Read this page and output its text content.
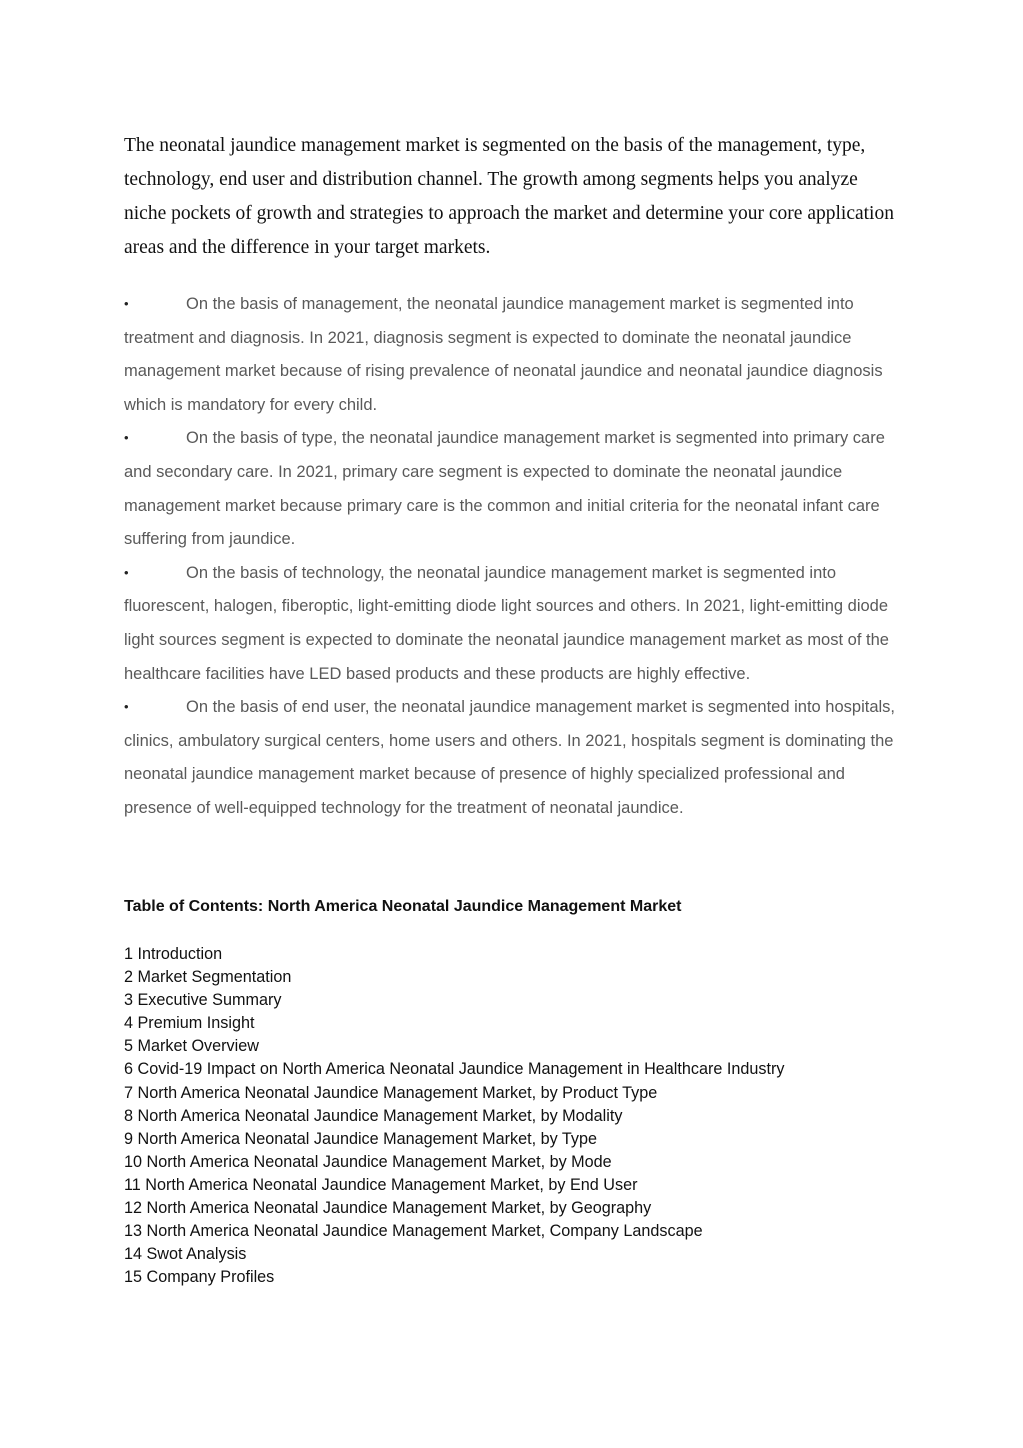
The neonatal jaundice management market is segmented on the basis of the management, type, technology, end user and distribution channel. The growth among segments helps you analyze niche pockets of growth and strategies to approach the market and determine your core application areas and the difference in your target markets.

•	On the basis of management, the neonatal jaundice management market is segmented into treatment and diagnosis. In 2021, diagnosis segment is expected to dominate the neonatal jaundice management market because of rising prevalence of neonatal jaundice and neonatal jaundice diagnosis which is mandatory for every child.
•	On the basis of type, the neonatal jaundice management market is segmented into primary care and secondary care. In 2021, primary care segment is expected to dominate the neonatal jaundice management market because primary care is the common and initial criteria for the neonatal infant care suffering from jaundice.
•	On the basis of technology, the neonatal jaundice management market is segmented into fluorescent, halogen, fiberoptic, light-emitting diode light sources and others. In 2021, light-emitting diode light sources segment is expected to dominate the neonatal jaundice management market as most of the healthcare facilities have LED based products and these products are highly effective.
•	On the basis of end user, the neonatal jaundice management market is segmented into hospitals, clinics, ambulatory surgical centers, home users and others. In 2021, hospitals segment is dominating the neonatal jaundice management market because of presence of highly specialized professional and presence of well-equipped technology for the treatment of neonatal jaundice.
Table of Contents: North America Neonatal Jaundice Management Market
1 Introduction
2 Market Segmentation
3 Executive Summary
4 Premium Insight
5 Market Overview
6 Covid-19 Impact on North America Neonatal Jaundice Management in Healthcare Industry
7 North America Neonatal Jaundice Management Market, by Product Type
8 North America Neonatal Jaundice Management Market, by Modality
9 North America Neonatal Jaundice Management Market, by Type
10 North America Neonatal Jaundice Management Market, by Mode
11 North America Neonatal Jaundice Management Market, by End User
12 North America Neonatal Jaundice Management Market, by Geography
13 North America Neonatal Jaundice Management Market, Company Landscape
14 Swot Analysis
15 Company Profiles
